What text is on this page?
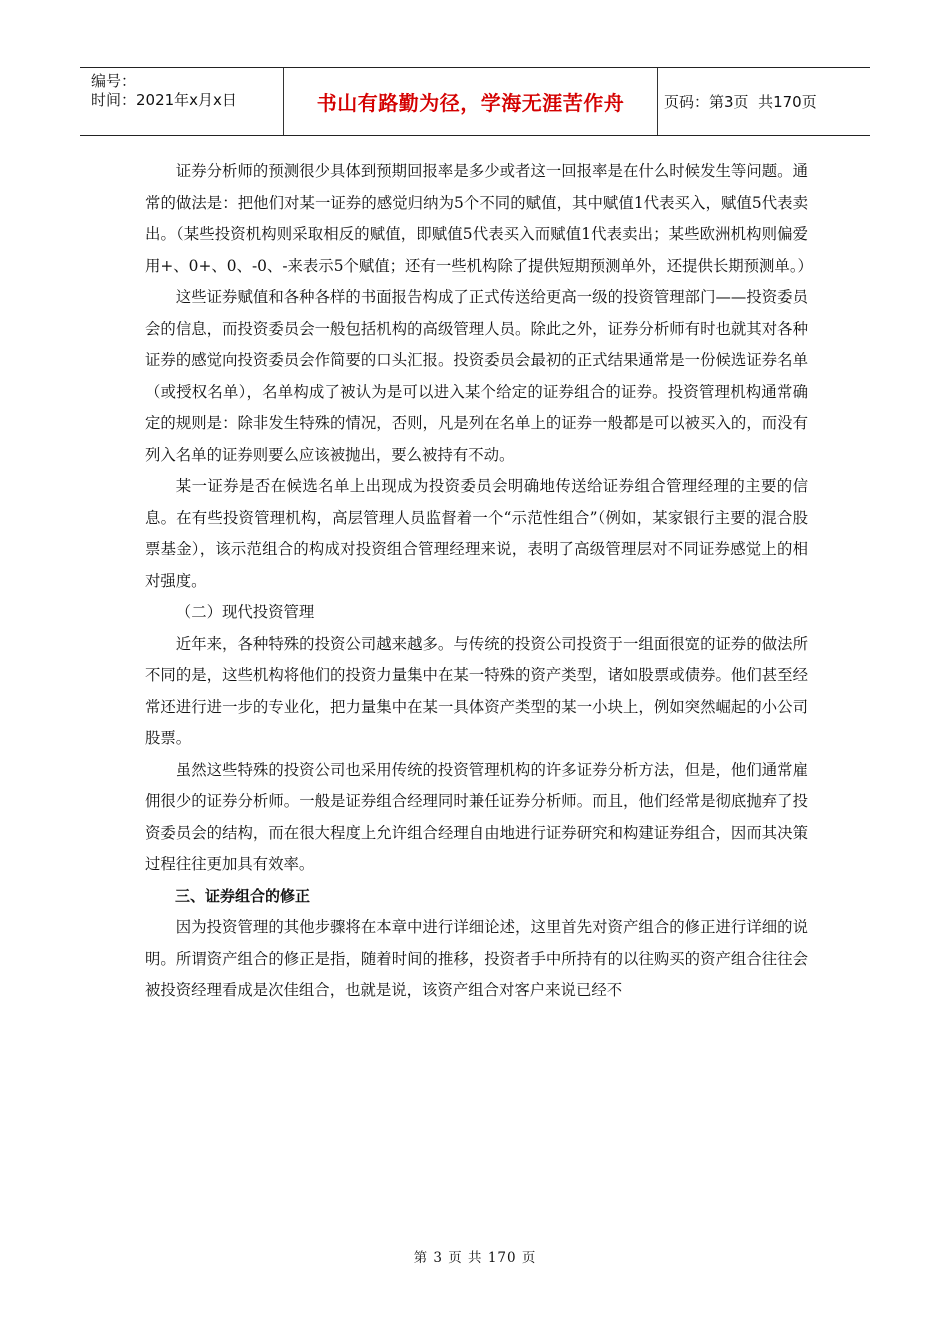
编号：
时间：2021年x月x日	书山有路勤为径，学海无涯苦作舟	页码：第3页  共170页

证券分析师的预测很少具体到预期回报率是多少或者这一回报率是在什么时候发生等问题。通常的做法是：把他们对某一证券的感觉归纳为5个不同的赋值，其中赋值1代表买入，赋值5代表卖出。（某些投资机构则采取相反的赋值，即赋值5代表买入而赋值1代表卖出；某些欧洲机构则偏爱用+、0+、0、-0、-来表示5个赋值；还有一些机构除了提供短期预测单外，还提供长期预测单。）

这些证券赋值和各种各样的书面报告构成了正式传送给更高一级的投资管理部门——投资委员会的信息，而投资委员会一般包括机构的高级管理人员。除此之外，证券分析师有时也就其对各种证券的感觉向投资委员会作简要的口头汇报。投资委员会最初的正式结果通常是一份候选证券名单（或授权名单），名单构成了被认为是可以进入某个给定的证券组合的证券。投资管理机构通常确定的规则是：除非发生特殊的情况，否则，凡是列在名单上的证券一般都是可以被买入的，而没有列入名单的证券则要么应该被抛出，要么被持有不动。

某一证券是否在候选名单上出现成为投资委员会明确地传送给证券组合管理经理的主要的信息。在有些投资管理机构，高层管理人员监督着一个“示范性组合”（例如，某家银行主要的混合股票基金），该示范组合的构成对投资组合管理经理来说，表明了高级管理层对不同证券感觉上的相对强度。

（二）现代投资管理

近年来，各种特殊的投资公司越来越多。与传统的投资公司投资于一组面很宽的证券的做法所不同的是，这些机构将他们的投资力量集中在某一特殊的资产类型，诸如股票或债券。他们甚至经常还进行进一步的专业化，把力量集中在某一具体资产类型的某一小块上，例如突然崛起的小公司股票。

虽然这些特殊的投资公司也采用传统的投资管理机构的许多证券分析方法，但是，他们通常雇佣很少的证券分析师。一般是证券组合经理同时兼任证券分析师。而且，他们经常是彻底抛弃了投资委员会的结构，而在很大程度上允许组合经理自由地进行证券研究和构建证券组合，因而其决策过程往往更加具有效率。

三、证券组合的修正

因为投资管理的其他步骤将在本章中进行详细论述，这里首先对资产组合的修正进行详细的说明。所谓资产组合的修正是指，随着时间的推移，投资者手中所持有的以往购买的资产组合往往会被投资经理看成是次佳组合，也就是说，该资产组合对客户来说已经不

第 3 页 共 170 页
